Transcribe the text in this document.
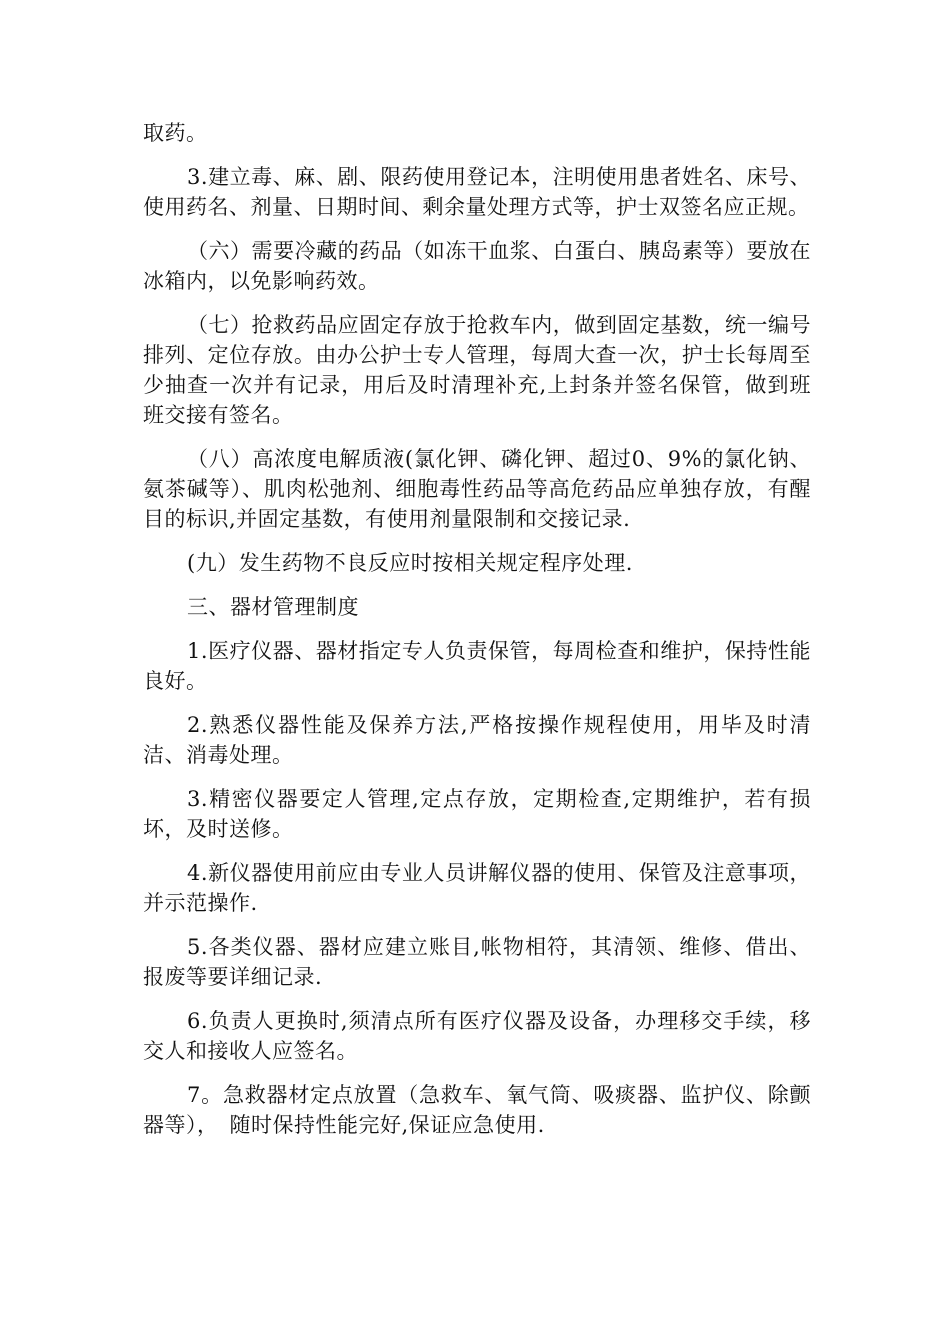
取药。

3.建立毒、麻、剧、限药使用登记本，注明使用患者姓名、床号、使用药名、剂量、日期时间、剩余量处理方式等，护士双签名应正规。

（六）需要冷藏的药品（如冻干血浆、白蛋白、胰岛素等）要放在冰箱内，以免影响药效。

（七）抢救药品应固定存放于抢救车内，做到固定基数，统一编号排列、定位存放。由办公护士专人管理，每周大查一次，护士长每周至少抽查一次并有记录，用后及时清理补充,上封条并签名保管，做到班班交接有签名。

（八）高浓度电解质液(氯化钾、磷化钾、超过0、9%的氯化钠、氨茶碱等）、肌肉松弛剂、细胞毒性药品等高危药品应单独存放，有醒目的标识,并固定基数，有使用剂量限制和交接记录.

(九）发生药物不良反应时按相关规定程序处理.

三、器材管理制度

1.医疗仪器、器材指定专人负责保管，每周检查和维护，保持性能良好。

2.熟悉仪器性能及保养方法,严格按操作规程使用，用毕及时清洁、消毒处理。

3.精密仪器要定人管理,定点存放，定期检查,定期维护，若有损坏，及时送修。

4.新仪器使用前应由专业人员讲解仪器的使用、保管及注意事项，并示范操作.

5.各类仪器、器材应建立账目,帐物相符，其清领、维修、借出、报废等要详细记录.

6.负责人更换时,须清点所有医疗仪器及设备，办理移交手续，移交人和接收人应签名。

7。急救器材定点放置（急救车、氧气筒、吸痰器、监护仪、除颤器等），　随时保持性能完好,保证应急使用.
